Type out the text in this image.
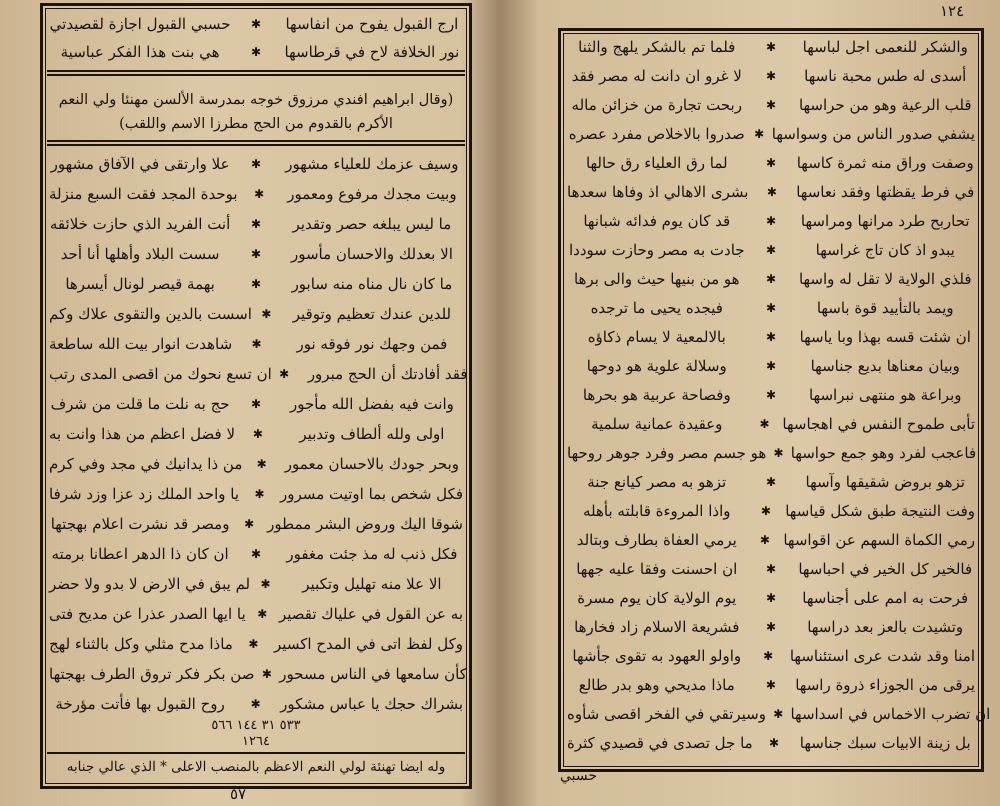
حسبي القبول اجازة لقصيدتي	✱	ارج القبول يفوح من انفاسها
هي بنت هذا الفكر عباسية	✱	نور الخلافة لاح في قرطاسها
(وقال ابراهيم افندي مرزوق خوجه بمدرسة الألسن مهنئا ولي النعم الأكرم بالقدوم من الحج مطرزا الاسم واللقب)
علا وارتقى في الآفاق مشهور	✱	وسيف عزمك للعلياء مشهور
بوحدة المجد فقت السبع منزلة	✱	وبيت مجدك مرفوع ومعمور
أنت الفريد الذي حازت خلائقه	✱	ما ليس يبلغه حصر وتقدير
سست البلاد وأهلها أنا أحد	✱	الا بعدلك والاحسان مأسور
بهمة قيصر لونال أيسرها	✱	ما كان نال مناه منه سابور
اسست بالدين والتقوى علاك وكم ✱	للدين عندك تعظيم وتوقير
شاهدت انوار بيت الله ساطعة	✱	فمن وجهك نور فوقه نور
ان تسع نحوك من اقصى المدى رتب ✱	فقد أفادتك أن الحج مبرور
حج به نلت ما قلت من شرف	✱	وانت فيه بفضل الله مأجور
لا فضل اعظم من هذا وانت به	✱	اولى ولله ألطاف وتدبير
من ذا يدانيك في مجد وفي كرم	✱	وبحر جودك بالاحسان معمور
يا واحد الملك زد عزا وزد شرفا	✱	فكل شخص بما اوتيت مسرور
ومصر قد نشرت اعلام بهجتها	✱ شوقا اليك وروض البشر ممطور
ان كان ذا الدهر اعطانا برمته	✱	فكل ذنب له مذ جئت مغفور
لم يبق في الارض لا بدو ولا حضر ✱	الا علا منه تهليل وتكبير
يا ايها الصدر عذرا عن مديح فتى ✱ به عن القول في علياك تقصير
ماذا مدح مثلي وكل بالثناء لهج	✱	وكل لفظ اتى في المدح اكسير
صن بكر فكر تروق الطرف بهجتها ✱ كأن سامعها في الناس مسحور
روح القبول بها فأتت مؤرخة	✱	بشراك حجك يا عباس مشكور
٥٣٣ ٣١ ١٤٤ ٥٦٦
١٢٦٤
وله ايضا تهنئة لولي النعم الاعظم بالمنصب الاعلى * الذي عالي جنابه
٥٧
١٢٤
فلما تم بالشكر يلهج والثنا	✱	والشكر للنعمى اجل لباسها
لا غرو ان دانت له مصر فقد	✱	أسدى له طس محبة ناسها
ربحت تجارة من خزائن ماله	✱	قلب الرعية وهو من حراسها
صدروا بالاخلاص مفرد عصره ✱ يشفي صدور الناس من وسواسها
لما رق العلياء رق حالها	✱	وصفت وراق منه ثمرة كاسها
بشرى الاهالي اذ وفاها سعدها	✱	في فرط يقظتها وفقد نعاسها
قد كان يوم فدائه شبانها	✱	تحاربح طرد مرانها ومراسها
جادت به مصر وحازت سوددا	✱	يبدو اذ كان تاج غراسها
هو من بنيها حيث والى برها	✱	فلذي الولاية لا تقل له واسها
فيجده يحيى ما ترجده	✱	ويمد بالتأييد قوة باسها
بالالمعية لا يسام ذكاؤه	✱	ان شئت قسه بهذا وبا ياسها
وسلالة علوية هو دوحها	✱	وبيان معناها بديع جناسها
وفصاحة عربية هو بحرها	✱	وبراعة هو منتهى نبراسها
وعقيدة عمانية سلمية	✱ تأبى طموح النفس في اهجاسها
هو جسم مصر وفرد جوهر روحها ✱ فاعجب لفرد وهو جمع حواسها
تزهو به مصر كيانع جنة	✱	تزهو بروض شقيقها وآسها
واذا المروءة قابلته بأهله	✱ وفت النتيجة طبق شكل قياسها
يرمي العفاة بطارف وبتالد	✱ رمي الكماة السهم عن اقواسها
ان احسنت وفقا عليه جهها	✱	فالخير كل الخير في احباسها
يوم الولاية كان يوم مسرة	✱	فرحت به امم على أجناسها
فشريعة الاسلام زاد فخارها	✱	وتشيدت بالعز بعد دراسها
واولو العهود به تقوى جأشها	✱	امنا وقد شدت عرى استئناسها
ماذا مديحي وهو بدر طالع	✱	يرقى من الجوزاء ذروة راسها
وسيرتقي في الفخر اقصى شأوه ✱ ان تضرب الاخماس في اسداسها
ما جل تصدى في قصيدي كثرة	✱	بل زينة الابيات سبك جناسها
حسبي
